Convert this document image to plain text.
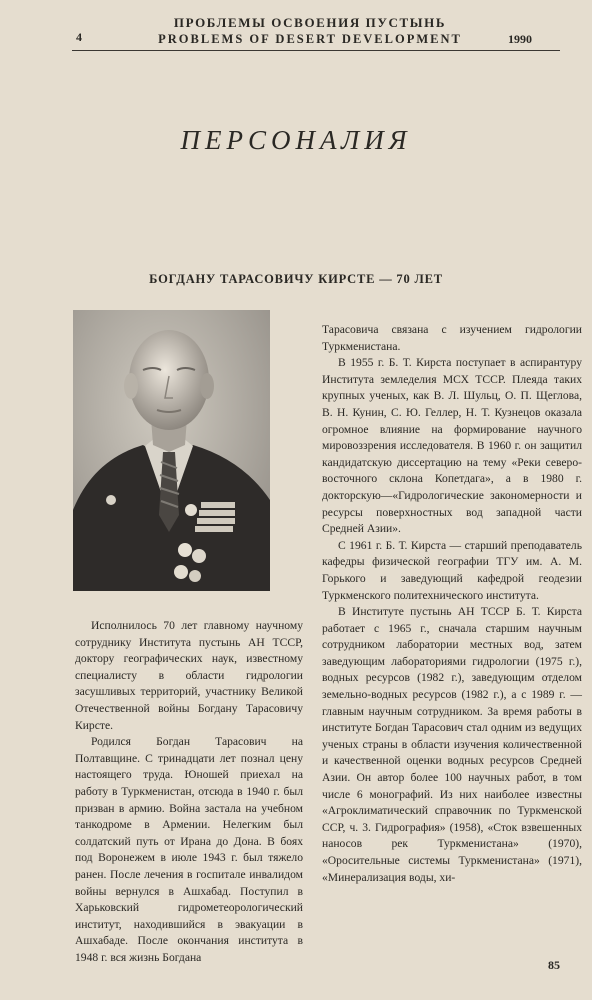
4
ПРОБЛЕМЫ ОСВОЕНИЯ ПУСТЫНЬ
PROBLEMS OF DESERT DEVELOPMENT	1990
ПЕРСОНАЛИЯ
БОГДАНУ ТАРАСОВИЧУ КИРСТЕ — 70 ЛЕТ

Тарасовича связана с изучением гидрологии Туркменистана.

В 1955 г. Б. Т. Кирста поступает в аспирантуру Института земледелия МСХ ТССР. Плеяда таких крупных ученых, как В. Л. Шульц, О. П. Щеглова, В. Н. Кунин, С. Ю. Геллер, Н. Т. Кузнецов оказала огромное влияние на формирование научного мировоззрения исследователя. В 1960 г. он защитил кандидатскую диссертацию на тему «Реки северо-восточного склона Копетдага», а в 1980 г. докторскую—«Гидрологические закономерности и ресурсы поверхностных вод западной части Средней Азии».

С 1961 г. Б. Т. Кирста — старший преподаватель кафедры физической географии ТГУ им. А. М. Горького и заведующий кафедрой геодезии Туркменского политехнического института.

В Институте пустынь АН ТССР Б. Т. Кирста работает с 1965 г., сначала старшим научным сотрудником лаборатории местных вод, затем заведующим лабораториями гидрологии (1975 г.), водных ресурсов (1982 г.), заведующим отделом земельно-водных ресурсов (1982 г.), а с 1989 г. — главным научным сотрудником. За время работы в институте Богдан Тарасович стал одним из ведущих ученых страны в области изучения количественной и качественной оценки водных ресурсов Средней Азии. Он автор более 100 научных работ, в том числе 6 монографий. Из них наиболее известны «Агроклиматический справочник по Туркменской ССР, ч. 3. Гидрография» (1958), «Сток взвешенных наносов рек Туркменистана» (1970), «Оросительные системы Туркменистана» (1971), «Минерализация воды, хи-

Исполнилось 70 лет главному научному сотруднику Института пустынь АН ТССР, доктору географических наук, известному специалисту в области гидрологии засушливых территорий, участнику Великой Отечественной войны Богдану Тарасовичу Кирсте.

Родился Богдан Тарасович на Полтавщине. С тринадцати лет познал цену настоящего труда. Юношей приехал на работу в Туркменистан, отсюда в 1940 г. был призван в армию. Война застала на учебном танкодроме в Армении. Нелегким был солдатский путь от Ирана до Дона. В боях под Воронежем в июле 1943 г. был тяжело ранен. После лечения в госпитале инвалидом войны вернулся в Ашхабад. Поступил в Харьковский гидрометеорологический институт, находившийся в эвакуации в Ашхабаде. После окончания института в 1948 г. вся жизнь Богдана

85
